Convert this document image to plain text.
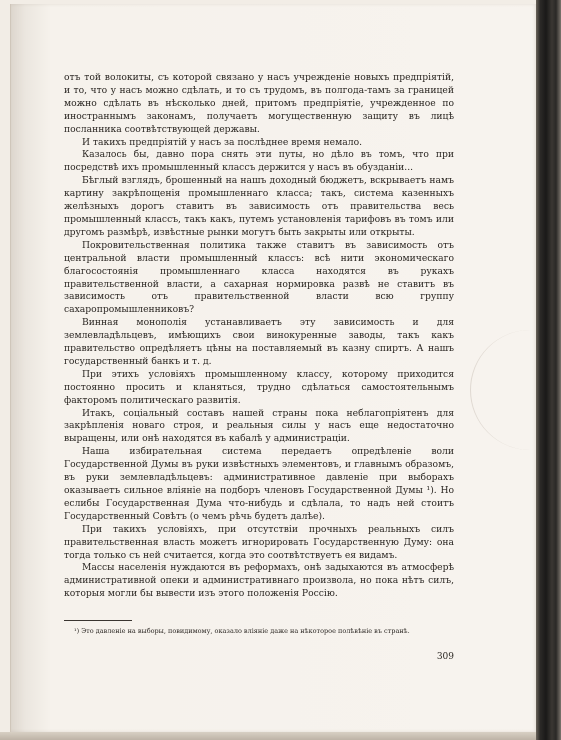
отъ той волокиты, съ которой связано у насъ учрежденіе новыхъ предпріятій, и то, что у насъ можно сдѣлать, и то съ трудомъ, въ полгода-тамъ за границей можно сдѣлать въ нѣсколько дней, притомъ предпріятіе, учрежденное по иностраннымъ законамъ, получаетъ могущественную защиту въ лицѣ посланника соотвѣтствующей державы.

И такихъ предпріятій у насъ за послѣднее время немало.

Казалось бы, давно пора снять эти путы, но дѣло въ томъ, что при посредствѣ ихъ промышленный классъ держится у насъ въ обузданіи...

Бѣглый взглядъ, брошенный на нашъ доходный бюджетъ, вскрываетъ намъ картину закрѣпощенія промышленнаго класса; такъ, система казенныхъ желѣзныхъ дорогъ ставитъ въ зависимость отъ правительства весь промышленный классъ, такъ какъ, путемъ установленія тарифовъ въ томъ или другомъ размѣрѣ, извѣстные рынки могутъ быть закрыты или открыты.

Покровительственная политика также ставитъ въ зависимость отъ центральной власти промышленный классъ: всѣ нити экономическаго благосостоянія промышленнаго класса находятся въ рукахъ правительственной власти, а сахарная нормировка развѣ не ставитъ въ зависимость отъ правительственной власти всю группу сахаропромышленниковъ?

Винная монополія устанавливаетъ эту зависимость и для землевладѣльцевъ, имѣющихъ свои винокуренные заводы, такъ какъ правительство опредѣляетъ цѣны на поставляемый въ казну спиртъ. А нашъ государственный банкъ и т. д.

При этихъ условіяхъ промышленному классу, которому приходится постоянно просить и кланяться, трудно сдѣлаться самостоятельнымъ факторомъ политическаго развитія.

Итакъ, соціальный составъ нашей страны пока неблагопріятенъ для закрѣпленія новаго строя, и реальныя силы у насъ еще недостаточно выращены, или онѣ находятся въ кабалѣ у администраціи.

Наша избирательная система передаетъ опредѣленіе воли Государственной Думы въ руки извѣстныхъ элементовъ, и главнымъ образомъ, въ руки землевладѣльцевъ: административное давленіе при выборахъ оказываетъ сильное вліяніе на подборъ членовъ Государственной Думы ¹). Но еслибы Государственная Дума что-нибудь и сдѣлала, то надъ ней стоитъ Государственный Совѣтъ (о чемъ рѣчь будетъ далѣе).

При такихъ условіяхъ, при отсутствіи прочныхъ реальныхъ силъ правительственная власть можетъ игнорировать Государственную Думу: она тогда только съ ней считается, когда это соотвѣтствуетъ ея видамъ.

Массы населенія нуждаются въ реформахъ, онѣ задыхаются въ атмосферѣ административной опеки и административнаго произвола, но пока нѣтъ силъ, которыя могли бы вывести изъ этого положенія Россію.

¹) Это давленіе на выборы, повидимому, оказало вліяніе даже на нѣкоторое полѣвѣніе въ странѣ.
309
